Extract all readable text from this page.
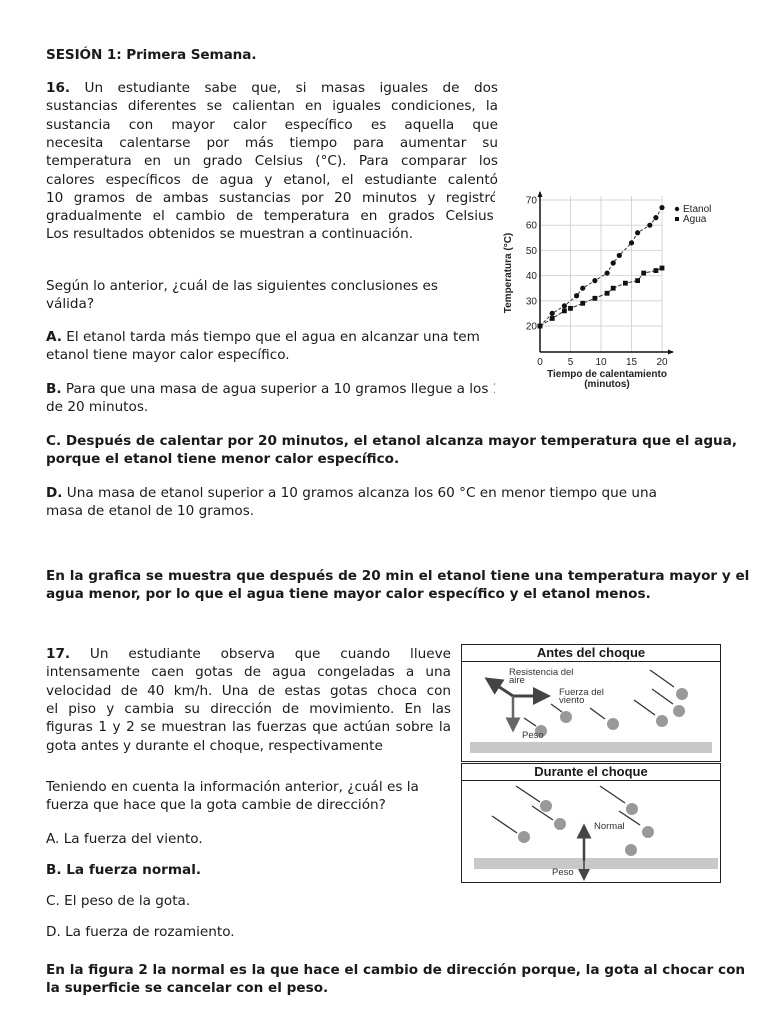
SESIÓN 1: Primera Semana.
16. Un estudiante sabe que, si masas iguales de dos
sustancias diferentes se calientan en iguales condiciones, la
sustancia con mayor calor específico es aquella que
necesita calentarse por más tiempo para aumentar su
temperatura en un grado Celsius (°C). Para comparar los
calores específicos de agua y etanol, el estudiante calentó
10 gramos de ambas sustancias por 20 minutos y registró
gradualmente el cambio de temperatura en grados Celsius.
Los resultados obtenidos se muestran a continuación.
Según lo anterior, ¿cuál de las siguientes conclusiones es
válida?
A. El etanol tarda más tiempo que el agua en alcanzar una tem
etanol tiene mayor calor específico.
el
B. Para que una masa de agua superior a 10 gramos llegue a los 1
de 20 minutos.
o
C. Después de calentar por 20 minutos, el etanol alcanza mayor temperatura que el agua,
porque el etanol tiene menor calor específico.
D. Una masa de etanol superior a 10 gramos alcanza los 60 °C en menor tiempo que una
masa de etanol de 10 gramos.
En la grafica se muestra que después de 20 min el etanol tiene una temperatura mayor y el
agua menor, por lo que el agua tiene mayor calor específico y el etanol menos.
0 5 10 15 20
20
30
40
50
60
70
Etanol
Agua
Temperatura (°C)
Tiempo de calentamiento
(minutos)
17. Un estudiante observa que cuando llueve
intensamente caen gotas de agua congeladas a una
velocidad de 40 km/h. Una de estas gotas choca con
el piso y cambia su dirección de movimiento. En las
figuras 1 y 2 se muestran las fuerzas que actúan sobre la
gota antes y durante el choque, respectivamente
Teniendo en cuenta la información anterior, ¿cuál es la
fuerza que hace que la gota cambie de dirección?
A. La fuerza del viento.
B. La fuerza normal.
C. El peso de la gota.
D. La fuerza de rozamiento.
En la figura 2 la normal es la que hace el cambio de dirección porque, la gota al chocar con
la superficie se cancelar con el peso.
Antes del choque
Resistencia del
aire
Fuerza del
viento
Peso
Durante el choque
Normal
Peso
